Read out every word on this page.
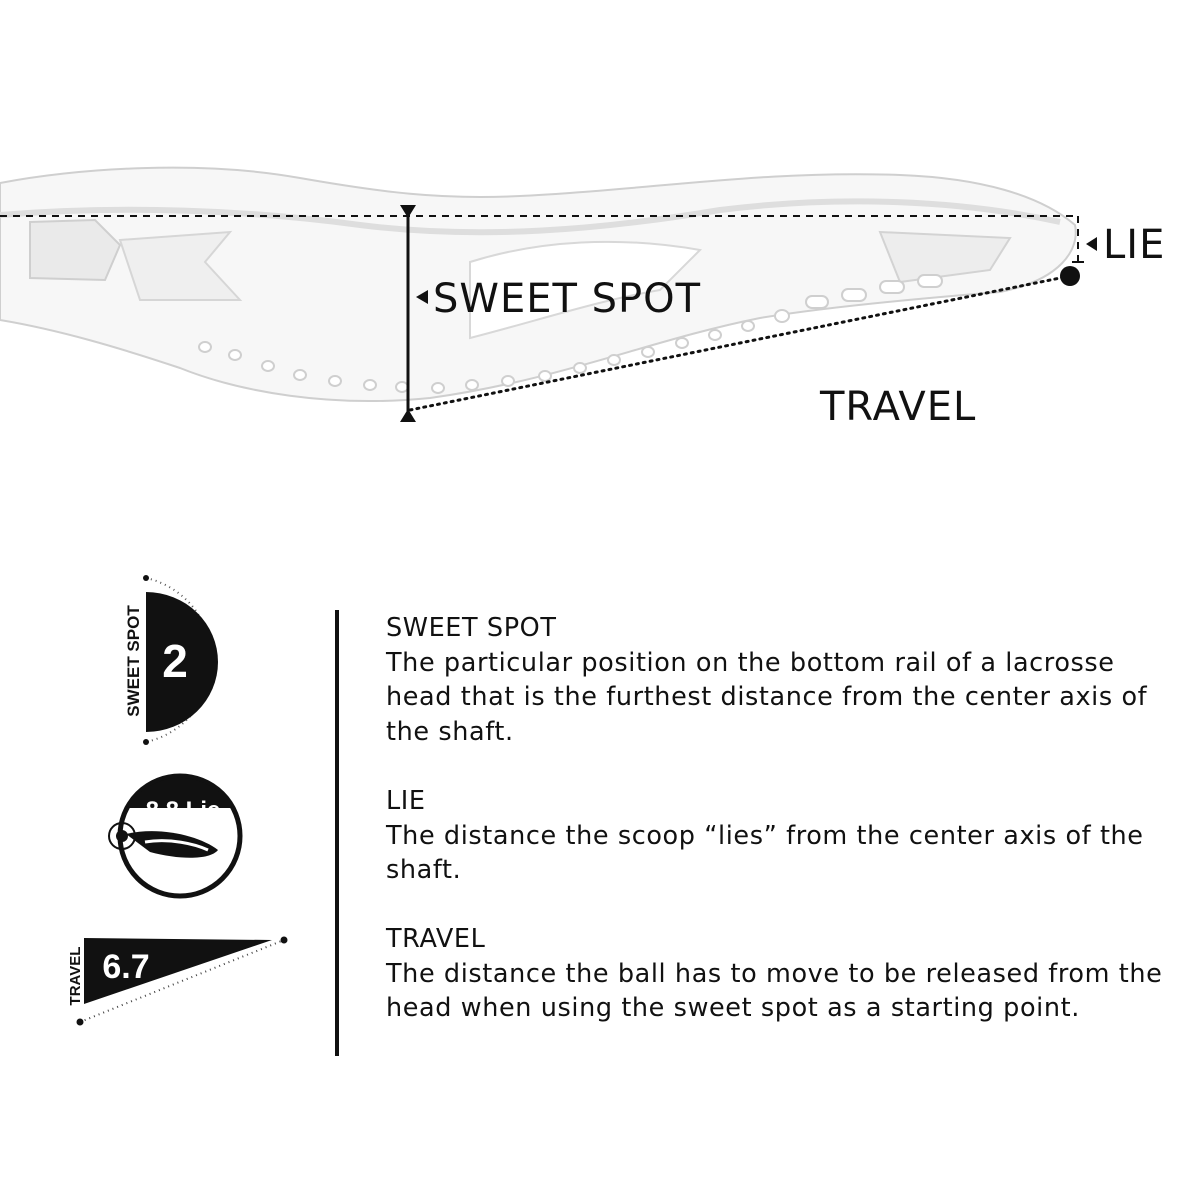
LIE
SWEET SPOT
TRAVEL
2
SWEET SPOT
8.8 Lie
6.7
TRAVEL
SWEET SPOT
The particular position on the bottom rail of a lacrosse head that is the furthest distance from the center axis of the shaft.
LIE
The distance the scoop “lies” from the center axis of the shaft.
TRAVEL
The distance the ball has to move to be released from the head when using the sweet spot as a starting point.
